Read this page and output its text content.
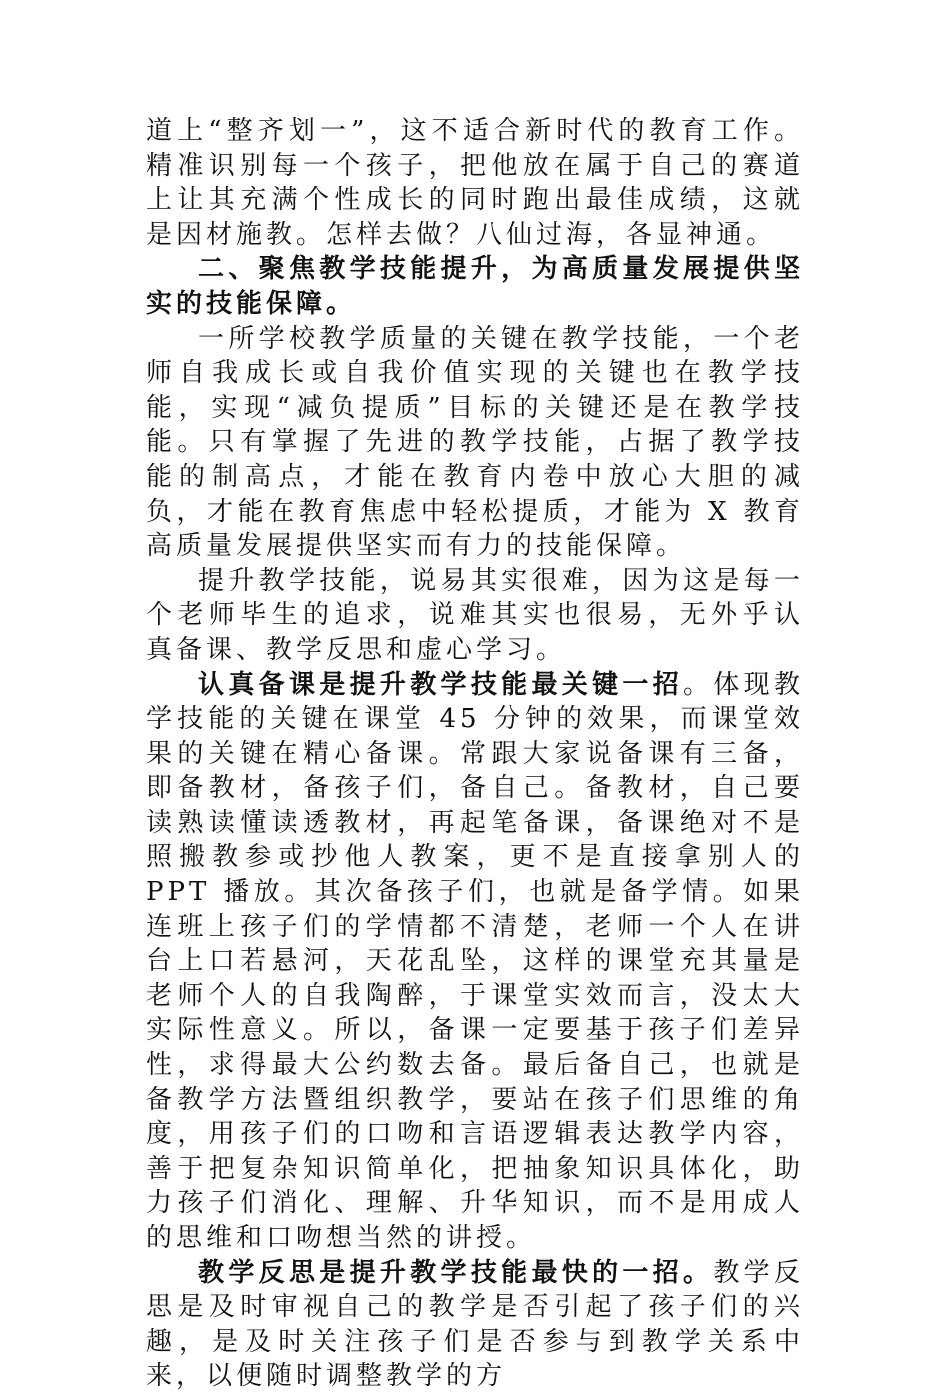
道上“整齐划一”，这不适合新时代的教育工作。精准识别每一个孩子，把他放在属于自己的赛道上让其充满个性成长的同时跑出最佳成绩，这就是因材施教。怎样去做？八仙过海，各显神通。

二、聚焦教学技能提升，为高质量发展提供坚实的技能保障。

一所学校教学质量的关键在教学技能，一个老师自我成长或自我价值实现的关键也在教学技能，实现“减负提质”目标的关键还是在教学技能。只有掌握了先进的教学技能，占据了教学技能的制高点，才能在教育内卷中放心大胆的减负，才能在教育焦虑中轻松提质，才能为 X 教育高质量发展提供坚实而有力的技能保障。

提升教学技能，说易其实很难，因为这是每一个老师毕生的追求，说难其实也很易，无外乎认真备课、教学反思和虚心学习。

认真备课是提升教学技能最关键一招。体现教学技能的关键在课堂 45 分钟的效果，而课堂效果的关键在精心备课。常跟大家说备课有三备，即备教材，备孩子们，备自己。备教材，自己要读熟读懂读透教材，再起笔备课，备课绝对不是照搬教参或抄他人教案，更不是直接拿别人的 PPT 播放。其次备孩子们，也就是备学情。如果连班上孩子们的学情都不清楚，老师一个人在讲台上口若悬河，天花乱坠，这样的课堂充其量是老师个人的自我陶醉，于课堂实效而言，没太大实际性意义。所以，备课一定要基于孩子们差异性，求得最大公约数去备。最后备自己，也就是备教学方法暨组织教学，要站在孩子们思维的角度，用孩子们的口吻和言语逻辑表达教学内容，善于把复杂知识简单化，把抽象知识具体化，助力孩子们消化、理解、升华知识，而不是用成人的思维和口吻想当然的讲授。

教学反思是提升教学技能最快的一招。教学反思是及时审视自己的教学是否引起了孩子们的兴趣，是及时关注孩子们是否参与到教学关系中来，以便随时调整教学的方
